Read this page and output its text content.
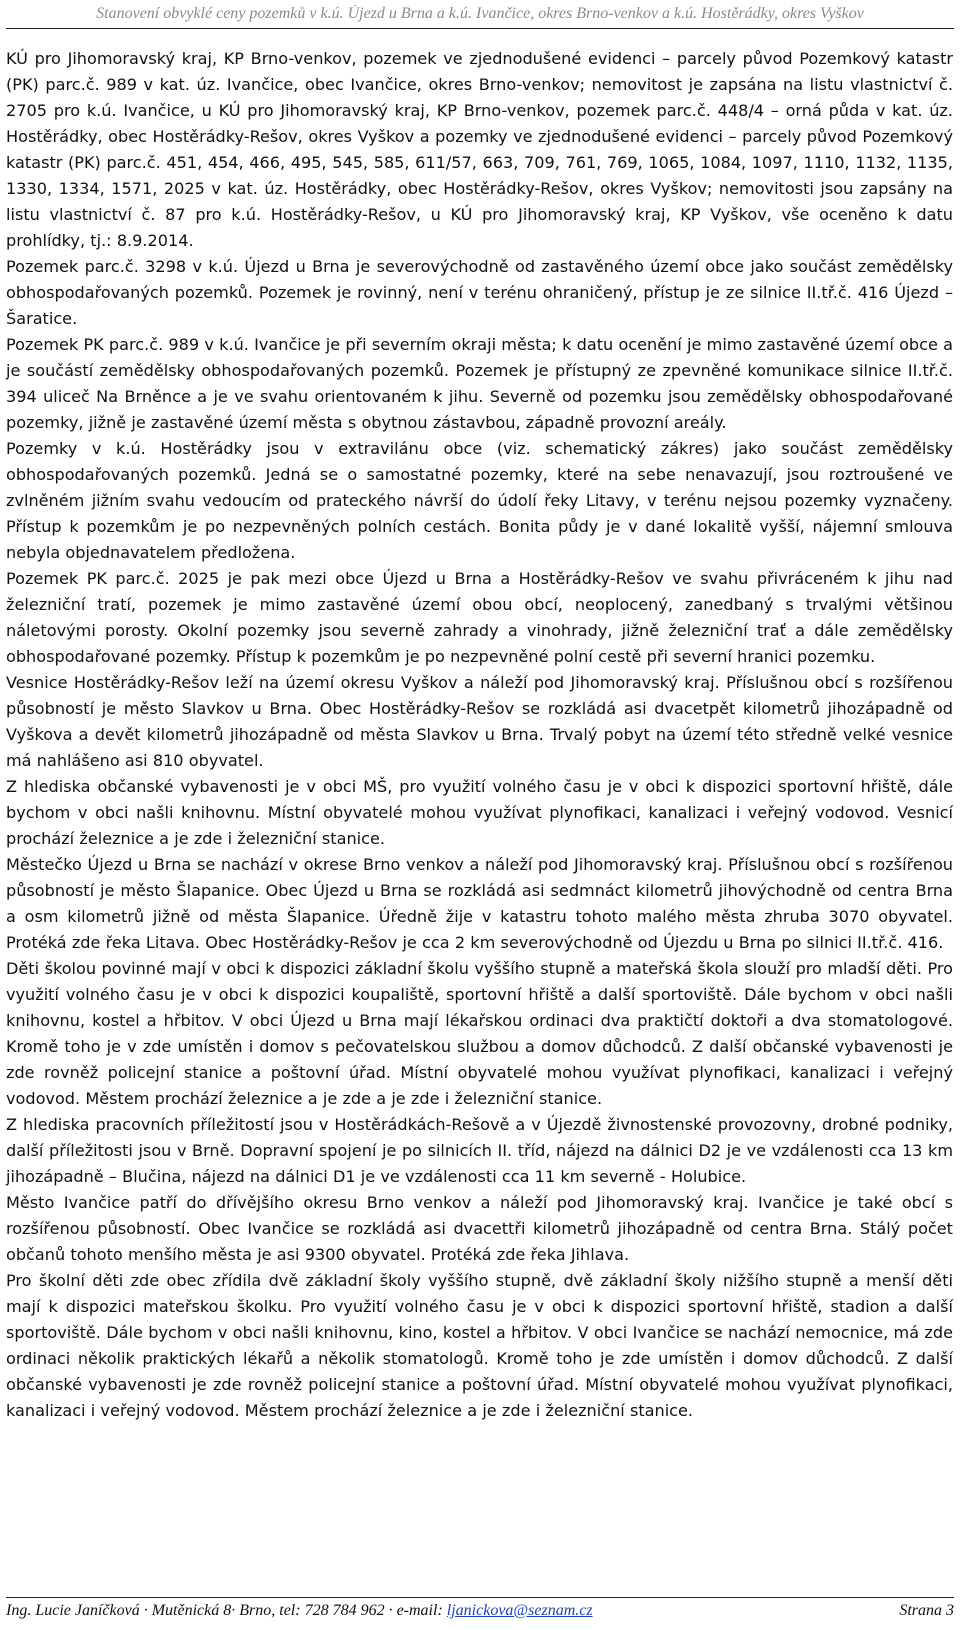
Stanovení obvyklé ceny pozemků v k.ú. Újezd u Brna a k.ú. Ivančice, okres Brno-venkov a k.ú. Hostěrádky, okres Vyškov

KÚ pro Jihomoravský kraj, KP Brno-venkov, pozemek ve zjednodušené evidenci – parcely původ Pozemkový katastr (PK) parc.č. 989 v kat. úz. Ivančice, obec Ivančice, okres Brno-venkov; nemovitost je zapsána na listu vlastnictví č. 2705 pro k.ú. Ivančice, u KÚ pro Jihomoravský kraj, KP Brno-venkov, pozemek parc.č. 448/4 – orná půda v kat. úz. Hostěrádky, obec Hostěrádky-Rešov, okres Vyškov a pozemky ve zjednodušené evidenci – parcely původ Pozemkový katastr (PK) parc.č. 451, 454, 466, 495, 545, 585, 611/57, 663, 709, 761, 769, 1065, 1084, 1097, 1110, 1132, 1135, 1330, 1334, 1571, 2025 v kat. úz. Hostěrádky, obec Hostěrádky-Rešov, okres Vyškov; nemovitosti jsou zapsány na listu vlastnictví č. 87 pro k.ú. Hostěrádky-Rešov, u KÚ pro Jihomoravský kraj, KP Vyškov, vše oceněno k datu prohlídky, tj.: 8.9.2014.

Pozemek parc.č. 3298 v k.ú. Újezd u Brna je severovýchodně od zastavěného území obce jako součást zemědělsky obhospodařovaných pozemků. Pozemek je rovinný, není v terénu ohraničený, přístup je ze silnice II.tř.č. 416 Újezd – Šaratice.

Pozemek PK parc.č. 989 v k.ú. Ivančice je při severním okraji města; k datu ocenění je mimo zastavěné území obce a je součástí zemědělsky obhospodařovaných pozemků. Pozemek je přístupný ze zpevněné komunikace silnice II.tř.č. 394 uliceč Na Brněnce a je ve svahu orientovaném k jihu. Severně od pozemku jsou zemědělsky obhospodařované pozemky, jižně je zastavěné území města s obytnou zástavbou, západně provozní areály.

Pozemky v k.ú. Hostěrádky jsou v extravilánu obce (viz. schematický zákres) jako součást zemědělsky obhospodařovaných pozemků. Jedná se o samostatné pozemky, které na sebe nenavazují, jsou roztroušené ve zvlněném jižním svahu vedoucím od prateckého návrší do údolí řeky Litavy, v terénu nejsou pozemky vyznačeny. Přístup k pozemkům je po nezpevněných polních cestách. Bonita půdy je v dané lokalitě vyšší, nájemní smlouva nebyla objednavatelem předložena.

Pozemek PK parc.č. 2025 je pak mezi obce Újezd u Brna a Hostěrádky-Rešov ve svahu přivráceném k jihu nad železniční tratí, pozemek je mimo zastavěné území obou obcí, neoplocený, zanedbaný s trvalými většinou náletovými porosty. Okolní pozemky jsou severně zahrady a vinohrady, jižně železniční trať a dále zemědělsky obhospodařované pozemky. Přístup k pozemkům je po nezpevněné polní cestě při severní hranici pozemku.

Vesnice Hostěrádky-Rešov leží na území okresu Vyškov a náleží pod Jihomoravský kraj. Příslušnou obcí s rozšířenou působností je město Slavkov u Brna. Obec Hostěrádky-Rešov se rozkládá asi dvacetpět kilometrů jihozápadně od Vyškova a devět kilometrů jihozápadně od města Slavkov u Brna. Trvalý pobyt na území této středně velké vesnice má nahlášeno asi 810 obyvatel.

Z hlediska občanské vybavenosti je v obci MŠ, pro využití volného času je v obci k dispozici sportovní hřiště, dále bychom v obci našli knihovnu. Místní obyvatelé mohou využívat plynofikaci, kanalizaci i veřejný vodovod. Vesnicí prochází železnice a je zde i železniční stanice.

Městečko Újezd u Brna se nachází v okrese Brno venkov a náleží pod Jihomoravský kraj. Příslušnou obcí s rozšířenou působností je město Šlapanice. Obec Újezd u Brna se rozkládá asi sedmnáct kilometrů jihovýchodně od centra Brna a osm kilometrů jižně od města Šlapanice. Úředně žije v katastru tohoto malého města zhruba 3070 obyvatel. Protéká zde řeka Litava. Obec Hostěrádky-Rešov je cca 2 km severovýchodně od Újezdu u Brna po silnici II.tř.č. 416.

Děti školou povinné mají v obci k dispozici základní školu vyššího stupně a mateřská škola slouží pro mladší děti. Pro využití volného času je v obci k dispozici koupaliště, sportovní hřiště a další sportoviště. Dále bychom v obci našli knihovnu, kostel a hřbitov. V obci Újezd u Brna mají lékařskou ordinaci dva praktičtí doktoři a dva stomatologové. Kromě toho je v zde umístěn i domov s pečovatelskou službou a domov důchodců. Z další občanské vybavenosti je zde rovněž policejní stanice a poštovní úřad. Místní obyvatelé mohou využívat plynofikaci, kanalizaci i veřejný vodovod. Městem prochází železnice a je zde a je zde i železniční stanice.

Z hlediska pracovních příležitostí jsou v Hostěrádkách-Rešově a v Újezdě živnostenské provozovny, drobné podniky, další příležitosti jsou v Brně. Dopravní spojení je po silnicích II. tříd, nájezd na dálnici D2 je ve vzdálenosti cca 13 km jihozápadně – Blučina, nájezd na dálnici D1 je ve vzdálenosti cca 11 km severně - Holubice.

Město Ivančice patří do dřívějšího okresu Brno venkov a náleží pod Jihomoravský kraj. Ivančice je také obcí s rozšířenou působností. Obec Ivančice se rozkládá asi dvacettři kilometrů jihozápadně od centra Brna. Stálý počet občanů tohoto menšího města je asi 9300 obyvatel. Protéká zde řeka Jihlava.

Pro školní děti zde obec zřídila dvě základní školy vyššího stupně, dvě základní školy nižšího stupně a menší děti mají k dispozici mateřskou školku. Pro využití volného času je v obci k dispozici sportovní hřiště, stadion a další sportoviště. Dále bychom v obci našli knihovnu, kino, kostel a hřbitov. V obci Ivančice se nachází nemocnice, má zde ordinaci několik praktických lékařů a několik stomatologů. Kromě toho je zde umístěn i domov důchodců. Z další občanské vybavenosti je zde rovněž policejní stanice a poštovní úřad. Místní obyvatelé mohou využívat plynofikaci, kanalizaci i veřejný vodovod. Městem prochází železnice a je zde i železniční stanice.

Ing. Lucie Janíčková · Mutěnická 8· Brno, tel: 728 784 962 · e-mail: ljanickova@seznam.cz	Strana 3
